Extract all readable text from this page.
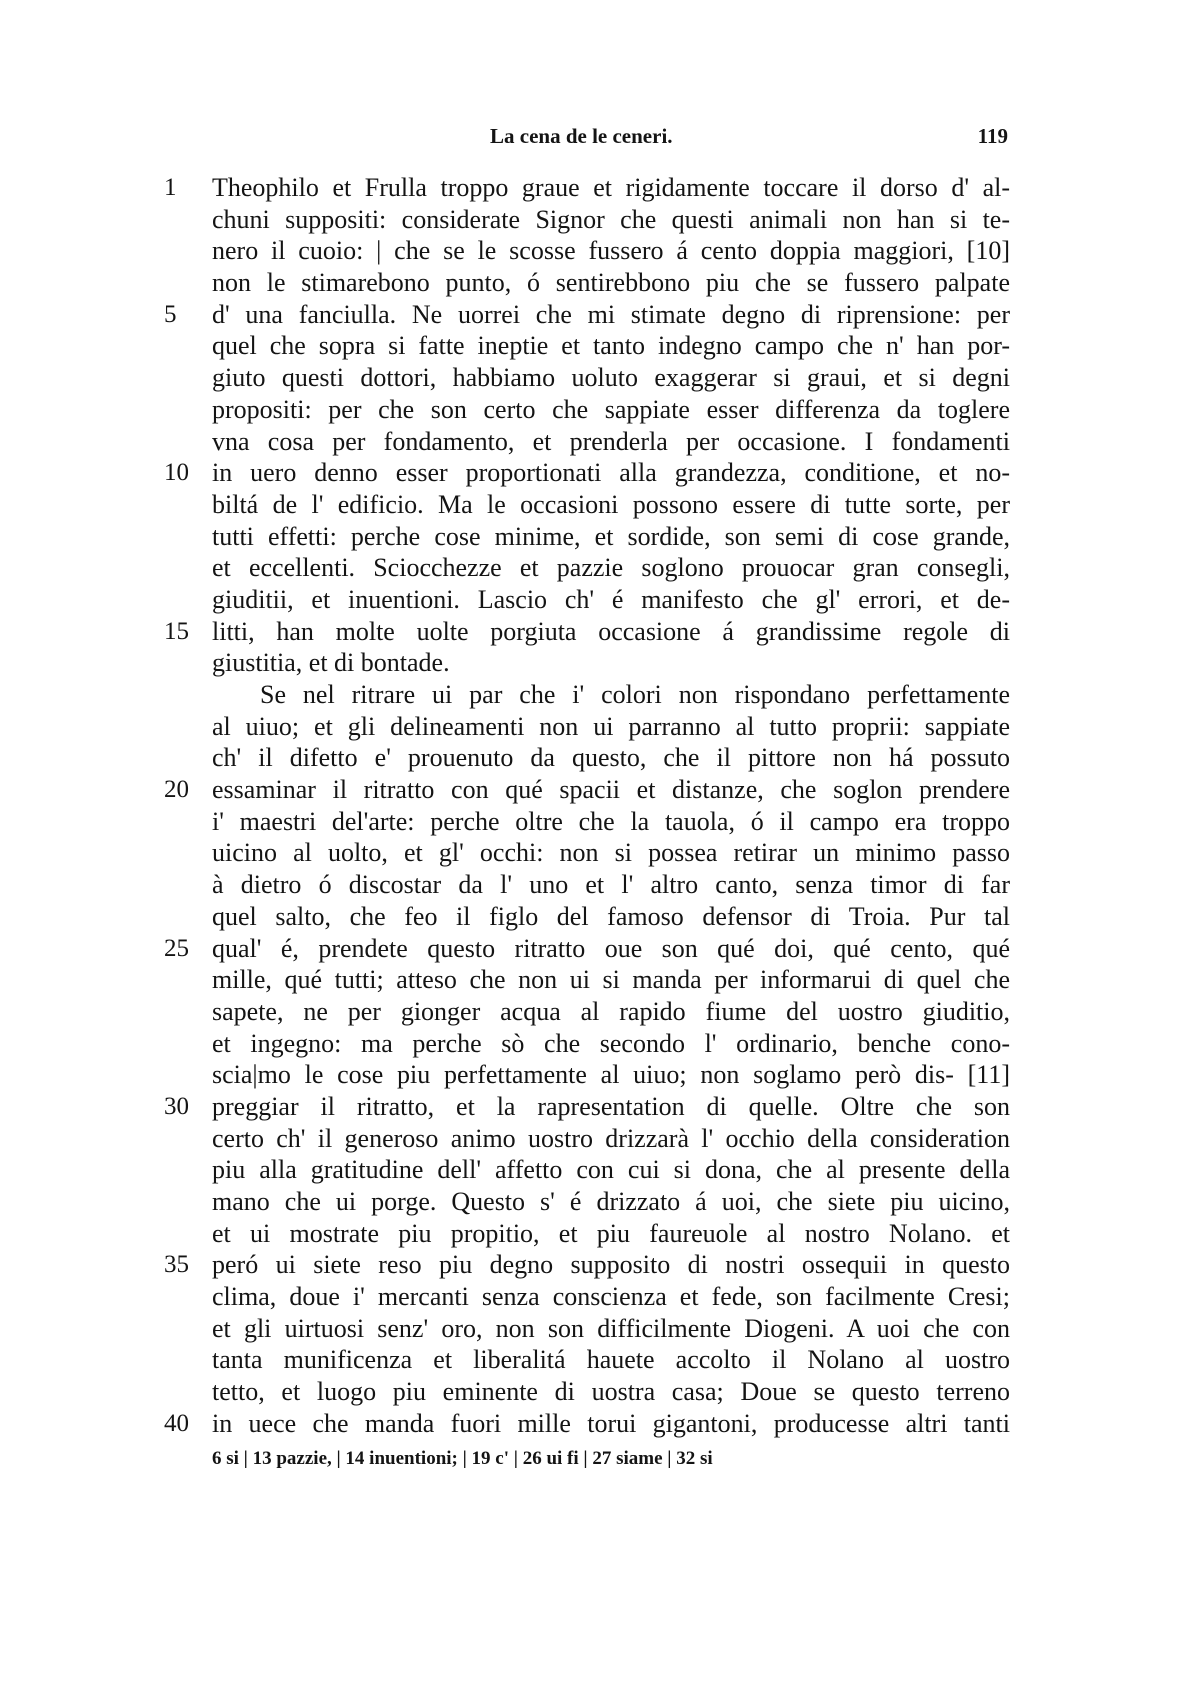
La cena de le ceneri.	119
1	Theophilo et Frulla troppo graue et rigidamente toccare il dorso d' al-
chuni suppositi: considerate Signor che questi animali non han si te-
nero il cuoio: | che se le scosse fussero á cento doppia maggiori, [10]
non le stimarebono punto, ó sentirebbono piu che se fussero palpate
5	d' una fanciulla. Ne uorrei che mi stimate degno di riprensione: per
quel che sopra si fatte ineptie et tanto indegno campo che n' han por-
giuto questi dottori, habbiamo uoluto exaggerar si graui, et si degni
propositi: per che son certo che sappiate esser differenza da toglere
vna cosa per fondamento, et prenderla per occasione. I fondamenti
10 in uero denno esser proportionati alla grandezza, conditione, et no-
biltá de l' edificio. Ma le occasioni possono essere di tutte sorte, per
tutti effetti: perche cose minime, et sordide, son semi di cose grande,
et eccellenti. Sciocchezze et pazzie soglono prouocar gran consegli,
giuditii, et inuentioni. Lascio ch' é manifesto che gl' errori, et de-
15 litti, han molte uolte porgiuta occasione á grandissime regole di
giustitia, et di bontade.
Se nel ritrare ui par che i' colori non rispondano perfettamente
al uiuo; et gli delineamenti non ui parranno al tutto proprii: sappiate
ch' il difetto e' prouenuto da questo, che il pittore non há possuto
20 essaminar il ritratto con qué spacii et distanze, che soglon prendere
i' maestri del'arte: perche oltre che la tauola, ó il campo era troppo
uicino al uolto, et gl' occhi: non si possea retirar un minimo passo
à dietro ó discostar da l' uno et l' altro canto, senza timor di far
quel salto, che feo il figlo del famoso defensor di Troia. Pur tal
25 qual' é, prendete questo ritratto oue son qué doi, qué cento, qué
mille, qué tutti; atteso che non ui si manda per informarui di quel che
sapete, ne per gionger acqua al rapido fiume del uostro giuditio,
et ingegno: ma perche sò che secondo l' ordinario, benche cono-
scia|mo le cose piu perfettamente al uiuo; non soglamo però dis- [11]
30 preggiar il ritratto, et la rapresentation di quelle. Oltre che son
certo ch' il generoso animo uostro drizzarà l' occhio della consideration
piu alla gratitudine dell' affetto con cui si dona, che al presente della
mano che ui porge. Questo s' é drizzato á uoi, che siete piu uicino,
et ui mostrate piu propitio, et piu faureuole al nostro Nolano. et
35 peró ui siete reso piu degno supposito di nostri ossequii in questo
clima, doue i' mercanti senza conscienza et fede, son facilmente Cresi;
et gli uirtuosi senz' oro, non son difficilmente Diogeni. A uoi che con
tanta munificenza et liberalitá hauete accolto il Nolano al uostro
tetto, et luogo piu eminente di uostra casa; Doue se questo terreno
40 in uece che manda fuori mille torui gigantoni, producesse altri tanti
6 si | 13 pazzie, | 14 inuentioni; | 19 c' | 26 ui fi | 27 siame | 32 si
